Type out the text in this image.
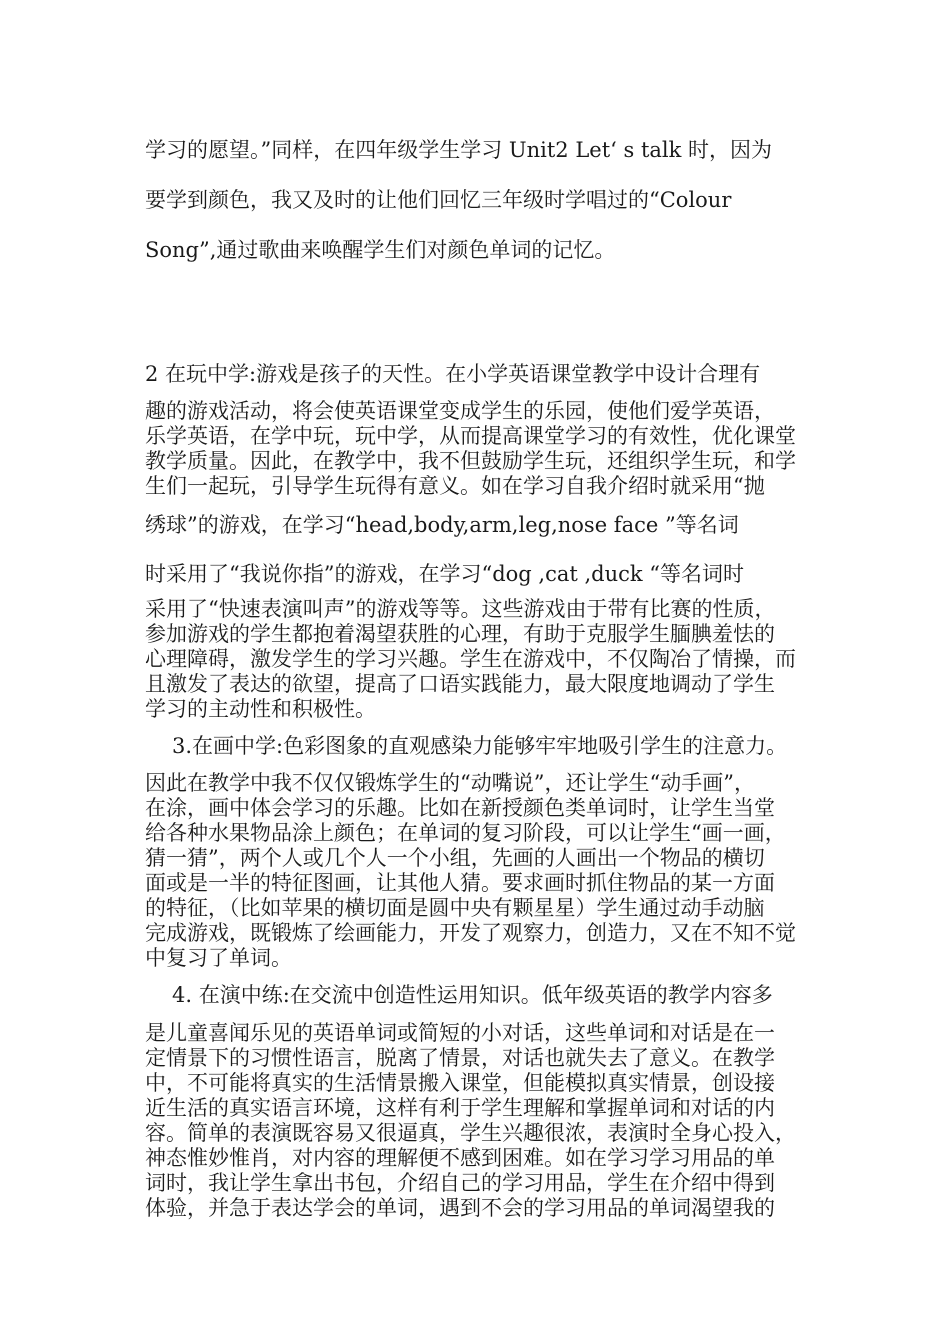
学习的愿望。”同样，在四年级学生学习 Unit2 Let‘ s talk 时，因为
要学到颜色，我又及时的让他们回忆三年级时学唱过的“Colour
Song”,通过歌曲来唤醒学生们对颜色单词的记忆。
2 在玩中学:游戏是孩子的天性。在小学英语课堂教学中设计合理有
趣的游戏活动，将会使英语课堂变成学生的乐园，使他们爱学英语，
乐学英语，在学中玩，玩中学，从而提高课堂学习的有效性，优化课堂
教学质量。因此，在教学中，我不但鼓励学生玩，还组织学生玩，和学
生们一起玩，引导学生玩得有意义。如在学习自我介绍时就采用“抛
绣球”的游戏，在学习“head,body,arm,leg,nose face ”等名词
时采用了“我说你指”的游戏，在学习“dog ,cat ,duck “等名词时
采用了“快速表演叫声”的游戏等等。这些游戏由于带有比赛的性质，
参加游戏的学生都抱着渴望获胜的心理，有助于克服学生腼腆羞怯的
心理障碍，激发学生的学习兴趣。学生在游戏中，不仅陶冶了情操，而
且激发了表达的欲望，提高了口语实践能力，最大限度地调动了学生
学习的主动性和积极性。
3.在画中学:色彩图象的直观感染力能够牢牢地吸引学生的注意力。
因此在教学中我不仅仅锻炼学生的“动嘴说”，还让学生“动手画”，
在涂，画中体会学习的乐趣。比如在新授颜色类单词时，让学生当堂
给各种水果物品涂上颜色；在单词的复习阶段，可以让学生“画一画，
猜一猜”，两个人或几个人一个小组，先画的人画出一个物品的横切
面或是一半的特征图画，让其他人猜。要求画时抓住物品的某一方面
的特征，（比如苹果的横切面是圆中央有颗星星）学生通过动手动脑
完成游戏，既锻炼了绘画能力，开发了观察力，创造力，又在不知不觉
中复习了单词。
4. 在演中练:在交流中创造性运用知识。低年级英语的教学内容多
是儿童喜闻乐见的英语单词或简短的小对话，这些单词和对话是在一
定情景下的习惯性语言，脱离了情景，对话也就失去了意义。在教学
中，不可能将真实的生活情景搬入课堂，但能模拟真实情景，创设接
近生活的真实语言环境，这样有利于学生理解和掌握单词和对话的内
容。简单的表演既容易又很逼真，学生兴趣很浓，表演时全身心投入，
神态惟妙惟肖，对内容的理解便不感到困难。如在学习学习用品的单
词时，我让学生拿出书包，介绍自己的学习用品，学生在介绍中得到
体验，并急于表达学会的单词，遇到不会的学习用品的单词渴望我的
